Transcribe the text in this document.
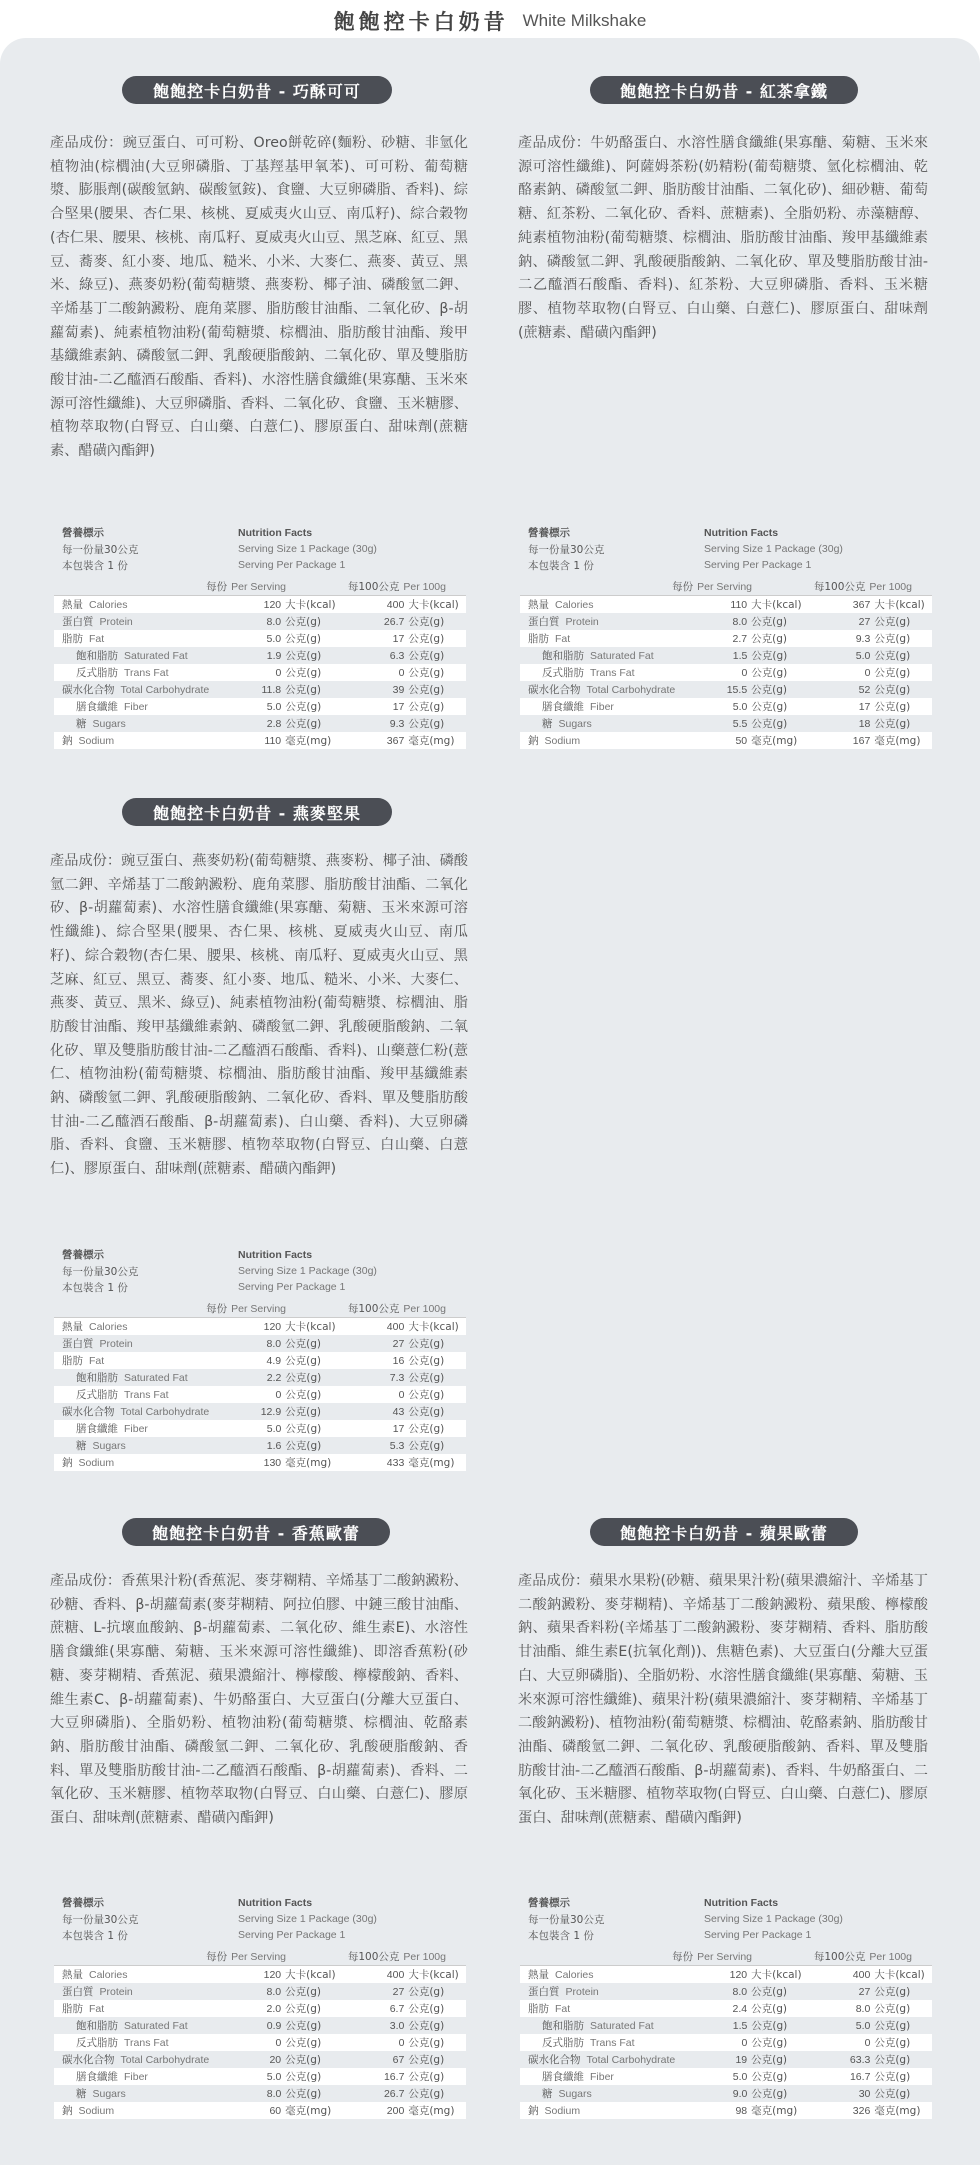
飽飽控卡白奶昔 White Milkshake
飽飽控卡白奶昔 - 巧酥可可
產品成份：豌豆蛋白、可可粉、Oreo餅乾碎(麵粉、砂糖、非氫化植物油(棕櫚油(大豆卵磷脂、丁基羥基甲氧苯)、可可粉、葡萄糖漿、膨脹劑(碳酸氫鈉、碳酸氫銨)、食鹽、大豆卵磷脂、香料)、綜合堅果(腰果、杏仁果、核桃、夏威夷火山豆、南瓜籽)、綜合穀物(杏仁果、腰果、核桃、南瓜籽、夏威夷火山豆、黑芝麻、紅豆、黑豆、蕎麥、紅小麥、地瓜、糙米、小米、大麥仁、燕麥、黃豆、黑米、綠豆)、燕麥奶粉(葡萄糖漿、燕麥粉、椰子油、磷酸氫二鉀、辛烯基丁二酸鈉澱粉、鹿角菜膠、脂肪酸甘油酯、二氧化矽、β-胡蘿蔔素)、純素植物油粉(葡萄糖漿、棕櫚油、脂肪酸甘油酯、羧甲基纖維素鈉、磷酸氫二鉀、乳酸硬脂酸鈉、二氧化矽、單及雙脂肪酸甘油-二乙醯酒石酸酯、香料)、水溶性膳食纖維(果寡醣、玉米來源可溶性纖維)、大豆卵磷脂、香料、二氧化矽、食鹽、玉米糖膠、植物萃取物(白腎豆、白山藥、白薏仁)、膠原蛋白、甜味劑(蔗糖素、醋磺內酯鉀)
營養標示	Nutrition Facts
每一份量30公克	Serving Size 1 Package (30g)
本包裝含 1 份	Serving Per Package 1
每份 Per Serving	每100公克 Per 100g
熱量 Calories	120 大卡(kcal)	400 大卡(kcal)
蛋白質 Protein	8.0 公克(g)	26.7 公克(g)
脂肪 Fat	5.0 公克(g)	17 公克(g)
飽和脂肪 Saturated Fat	1.9 公克(g)	6.3 公克(g)
反式脂肪 Trans Fat	0 公克(g)	0 公克(g)
碳水化合物 Total Carbohydrate	11.8 公克(g)	39 公克(g)
膳食纖維 Fiber	5.0 公克(g)	17 公克(g)
糖 Sugars	2.8 公克(g)	9.3 公克(g)
鈉 Sodium	110 毫克(mg)	367 毫克(mg)
飽飽控卡白奶昔 - 紅茶拿鐵
產品成份：牛奶酪蛋白、水溶性膳食纖維(果寡醣、菊糖、玉米來源可溶性纖維)、阿薩姆茶粉(奶精粉(葡萄糖漿、氫化棕櫚油、乾酪素鈉、磷酸氫二鉀、脂肪酸甘油酯、二氧化矽)、細砂糖、葡萄糖、紅茶粉、二氧化矽、香料、蔗糖素)、全脂奶粉、赤藻糖醇、純素植物油粉(葡萄糖漿、棕櫚油、脂肪酸甘油酯、羧甲基纖維素鈉、磷酸氫二鉀、乳酸硬脂酸鈉、二氧化矽、單及雙脂肪酸甘油-二乙醯酒石酸酯、香料)、紅茶粉、大豆卵磷脂、香料、玉米糖膠、植物萃取物(白腎豆、白山藥、白薏仁)、膠原蛋白、甜味劑(蔗糖素、醋磺內酯鉀)
營養標示	Nutrition Facts
每一份量30公克	Serving Size 1 Package (30g)
本包裝含 1 份	Serving Per Package 1
每份 Per Serving	每100公克 Per 100g
熱量 Calories	110 大卡(kcal)	367 大卡(kcal)
蛋白質 Protein	8.0 公克(g)	27 公克(g)
脂肪 Fat	2.7 公克(g)	9.3 公克(g)
飽和脂肪 Saturated Fat	1.5 公克(g)	5.0 公克(g)
反式脂肪 Trans Fat	0 公克(g)	0 公克(g)
碳水化合物 Total Carbohydrate	15.5 公克(g)	52 公克(g)
膳食纖維 Fiber	5.0 公克(g)	17 公克(g)
糖 Sugars	5.5 公克(g)	18 公克(g)
鈉 Sodium	50 毫克(mg)	167 毫克(mg)
飽飽控卡白奶昔 - 燕麥堅果
產品成份：豌豆蛋白、燕麥奶粉(葡萄糖漿、燕麥粉、椰子油、磷酸氫二鉀、辛烯基丁二酸鈉澱粉、鹿角菜膠、脂肪酸甘油酯、二氧化矽、β-胡蘿蔔素)、水溶性膳食纖維(果寡醣、菊糖、玉米來源可溶性纖維)、綜合堅果(腰果、杏仁果、核桃、夏威夷火山豆、南瓜籽)、綜合穀物(杏仁果、腰果、核桃、南瓜籽、夏威夷火山豆、黑芝麻、紅豆、黑豆、蕎麥、紅小麥、地瓜、糙米、小米、大麥仁、燕麥、黃豆、黑米、綠豆)、純素植物油粉(葡萄糖漿、棕櫚油、脂肪酸甘油酯、羧甲基纖維素鈉、磷酸氫二鉀、乳酸硬脂酸鈉、二氧化矽、單及雙脂肪酸甘油-二乙醯酒石酸酯、香料)、山藥薏仁粉(薏仁、植物油粉(葡萄糖漿、棕櫚油、脂肪酸甘油酯、羧甲基纖維素鈉、磷酸氫二鉀、乳酸硬脂酸鈉、二氧化矽、香料、單及雙脂肪酸甘油-二乙醯酒石酸酯、β-胡蘿蔔素)、白山藥、香料)、大豆卵磷脂、香料、食鹽、玉米糖膠、植物萃取物(白腎豆、白山藥、白薏仁)、膠原蛋白、甜味劑(蔗糖素、醋磺內酯鉀)
營養標示	Nutrition Facts
每一份量30公克	Serving Size 1 Package (30g)
本包裝含 1 份	Serving Per Package 1
每份 Per Serving	每100公克 Per 100g
熱量 Calories	120 大卡(kcal)	400 大卡(kcal)
蛋白質 Protein	8.0 公克(g)	27 公克(g)
脂肪 Fat	4.9 公克(g)	16 公克(g)
飽和脂肪 Saturated Fat	2.2 公克(g)	7.3 公克(g)
反式脂肪 Trans Fat	0 公克(g)	0 公克(g)
碳水化合物 Total Carbohydrate	12.9 公克(g)	43 公克(g)
膳食纖維 Fiber	5.0 公克(g)	17 公克(g)
糖 Sugars	1.6 公克(g)	5.3 公克(g)
鈉 Sodium	130 毫克(mg)	433 毫克(mg)
飽飽控卡白奶昔 - 香蕉歐蕾
產品成份：香蕉果汁粉(香蕉泥、麥芽糊精、辛烯基丁二酸鈉澱粉、砂糖、香料、β-胡蘿蔔素(麥芽糊精、阿拉伯膠、中鏈三酸甘油酯、蔗糖、L-抗壞血酸鈉、β-胡蘿蔔素、二氧化矽、維生素E)、水溶性膳食纖維(果寡醣、菊糖、玉米來源可溶性纖維)、即溶香蕉粉(砂糖、麥芽糊精、香蕉泥、蘋果濃縮汁、檸檬酸、檸檬酸鈉、香料、維生素C、β-胡蘿蔔素)、牛奶酪蛋白、大豆蛋白(分離大豆蛋白、大豆卵磷脂)、全脂奶粉、植物油粉(葡萄糖漿、棕櫚油、乾酪素鈉、脂肪酸甘油酯、磷酸氫二鉀、二氧化矽、乳酸硬脂酸鈉、香料、單及雙脂肪酸甘油-二乙醯酒石酸酯、β-胡蘿蔔素)、香料、二氧化矽、玉米糖膠、植物萃取物(白腎豆、白山藥、白薏仁)、膠原蛋白、甜味劑(蔗糖素、醋磺內酯鉀)
營養標示	Nutrition Facts
每一份量30公克	Serving Size 1 Package (30g)
本包裝含 1 份	Serving Per Package 1
每份 Per Serving	每100公克 Per 100g
熱量 Calories	120 大卡(kcal)	400 大卡(kcal)
蛋白質 Protein	8.0 公克(g)	27 公克(g)
脂肪 Fat	2.0 公克(g)	6.7 公克(g)
飽和脂肪 Saturated Fat	0.9 公克(g)	3.0 公克(g)
反式脂肪 Trans Fat	0 公克(g)	0 公克(g)
碳水化合物 Total Carbohydrate	20 公克(g)	67 公克(g)
膳食纖維 Fiber	5.0 公克(g)	16.7 公克(g)
糖 Sugars	8.0 公克(g)	26.7 公克(g)
鈉 Sodium	60 毫克(mg)	200 毫克(mg)
飽飽控卡白奶昔 - 蘋果歐蕾
產品成份：蘋果水果粉(砂糖、蘋果果汁粉(蘋果濃縮汁、辛烯基丁二酸鈉澱粉、麥芽糊精)、辛烯基丁二酸鈉澱粉、蘋果酸、檸檬酸鈉、蘋果香料粉(辛烯基丁二酸鈉澱粉、麥芽糊精、香料、脂肪酸甘油酯、維生素E(抗氧化劑))、焦糖色素)、大豆蛋白(分離大豆蛋白、大豆卵磷脂)、全脂奶粉、水溶性膳食纖維(果寡醣、菊糖、玉米來源可溶性纖維)、蘋果汁粉(蘋果濃縮汁、麥芽糊精、辛烯基丁二酸鈉澱粉)、植物油粉(葡萄糖漿、棕櫚油、乾酪素鈉、脂肪酸甘油酯、磷酸氫二鉀、二氧化矽、乳酸硬脂酸鈉、香料、單及雙脂肪酸甘油-二乙醯酒石酸酯、β-胡蘿蔔素)、香料、牛奶酪蛋白、二氧化矽、玉米糖膠、植物萃取物(白腎豆、白山藥、白薏仁)、膠原蛋白、甜味劑(蔗糖素、醋磺內酯鉀)
營養標示	Nutrition Facts
每一份量30公克	Serving Size 1 Package (30g)
本包裝含 1 份	Serving Per Package 1
每份 Per Serving	每100公克 Per 100g
熱量 Calories	120 大卡(kcal)	400 大卡(kcal)
蛋白質 Protein	8.0 公克(g)	27 公克(g)
脂肪 Fat	2.4 公克(g)	8.0 公克(g)
飽和脂肪 Saturated Fat	1.5 公克(g)	5.0 公克(g)
反式脂肪 Trans Fat	0 公克(g)	0 公克(g)
碳水化合物 Total Carbohydrate	19 公克(g)	63.3 公克(g)
膳食纖維 Fiber	5.0 公克(g)	16.7 公克(g)
糖 Sugars	9.0 公克(g)	30 公克(g)
鈉 Sodium	98 毫克(mg)	326 毫克(mg)
